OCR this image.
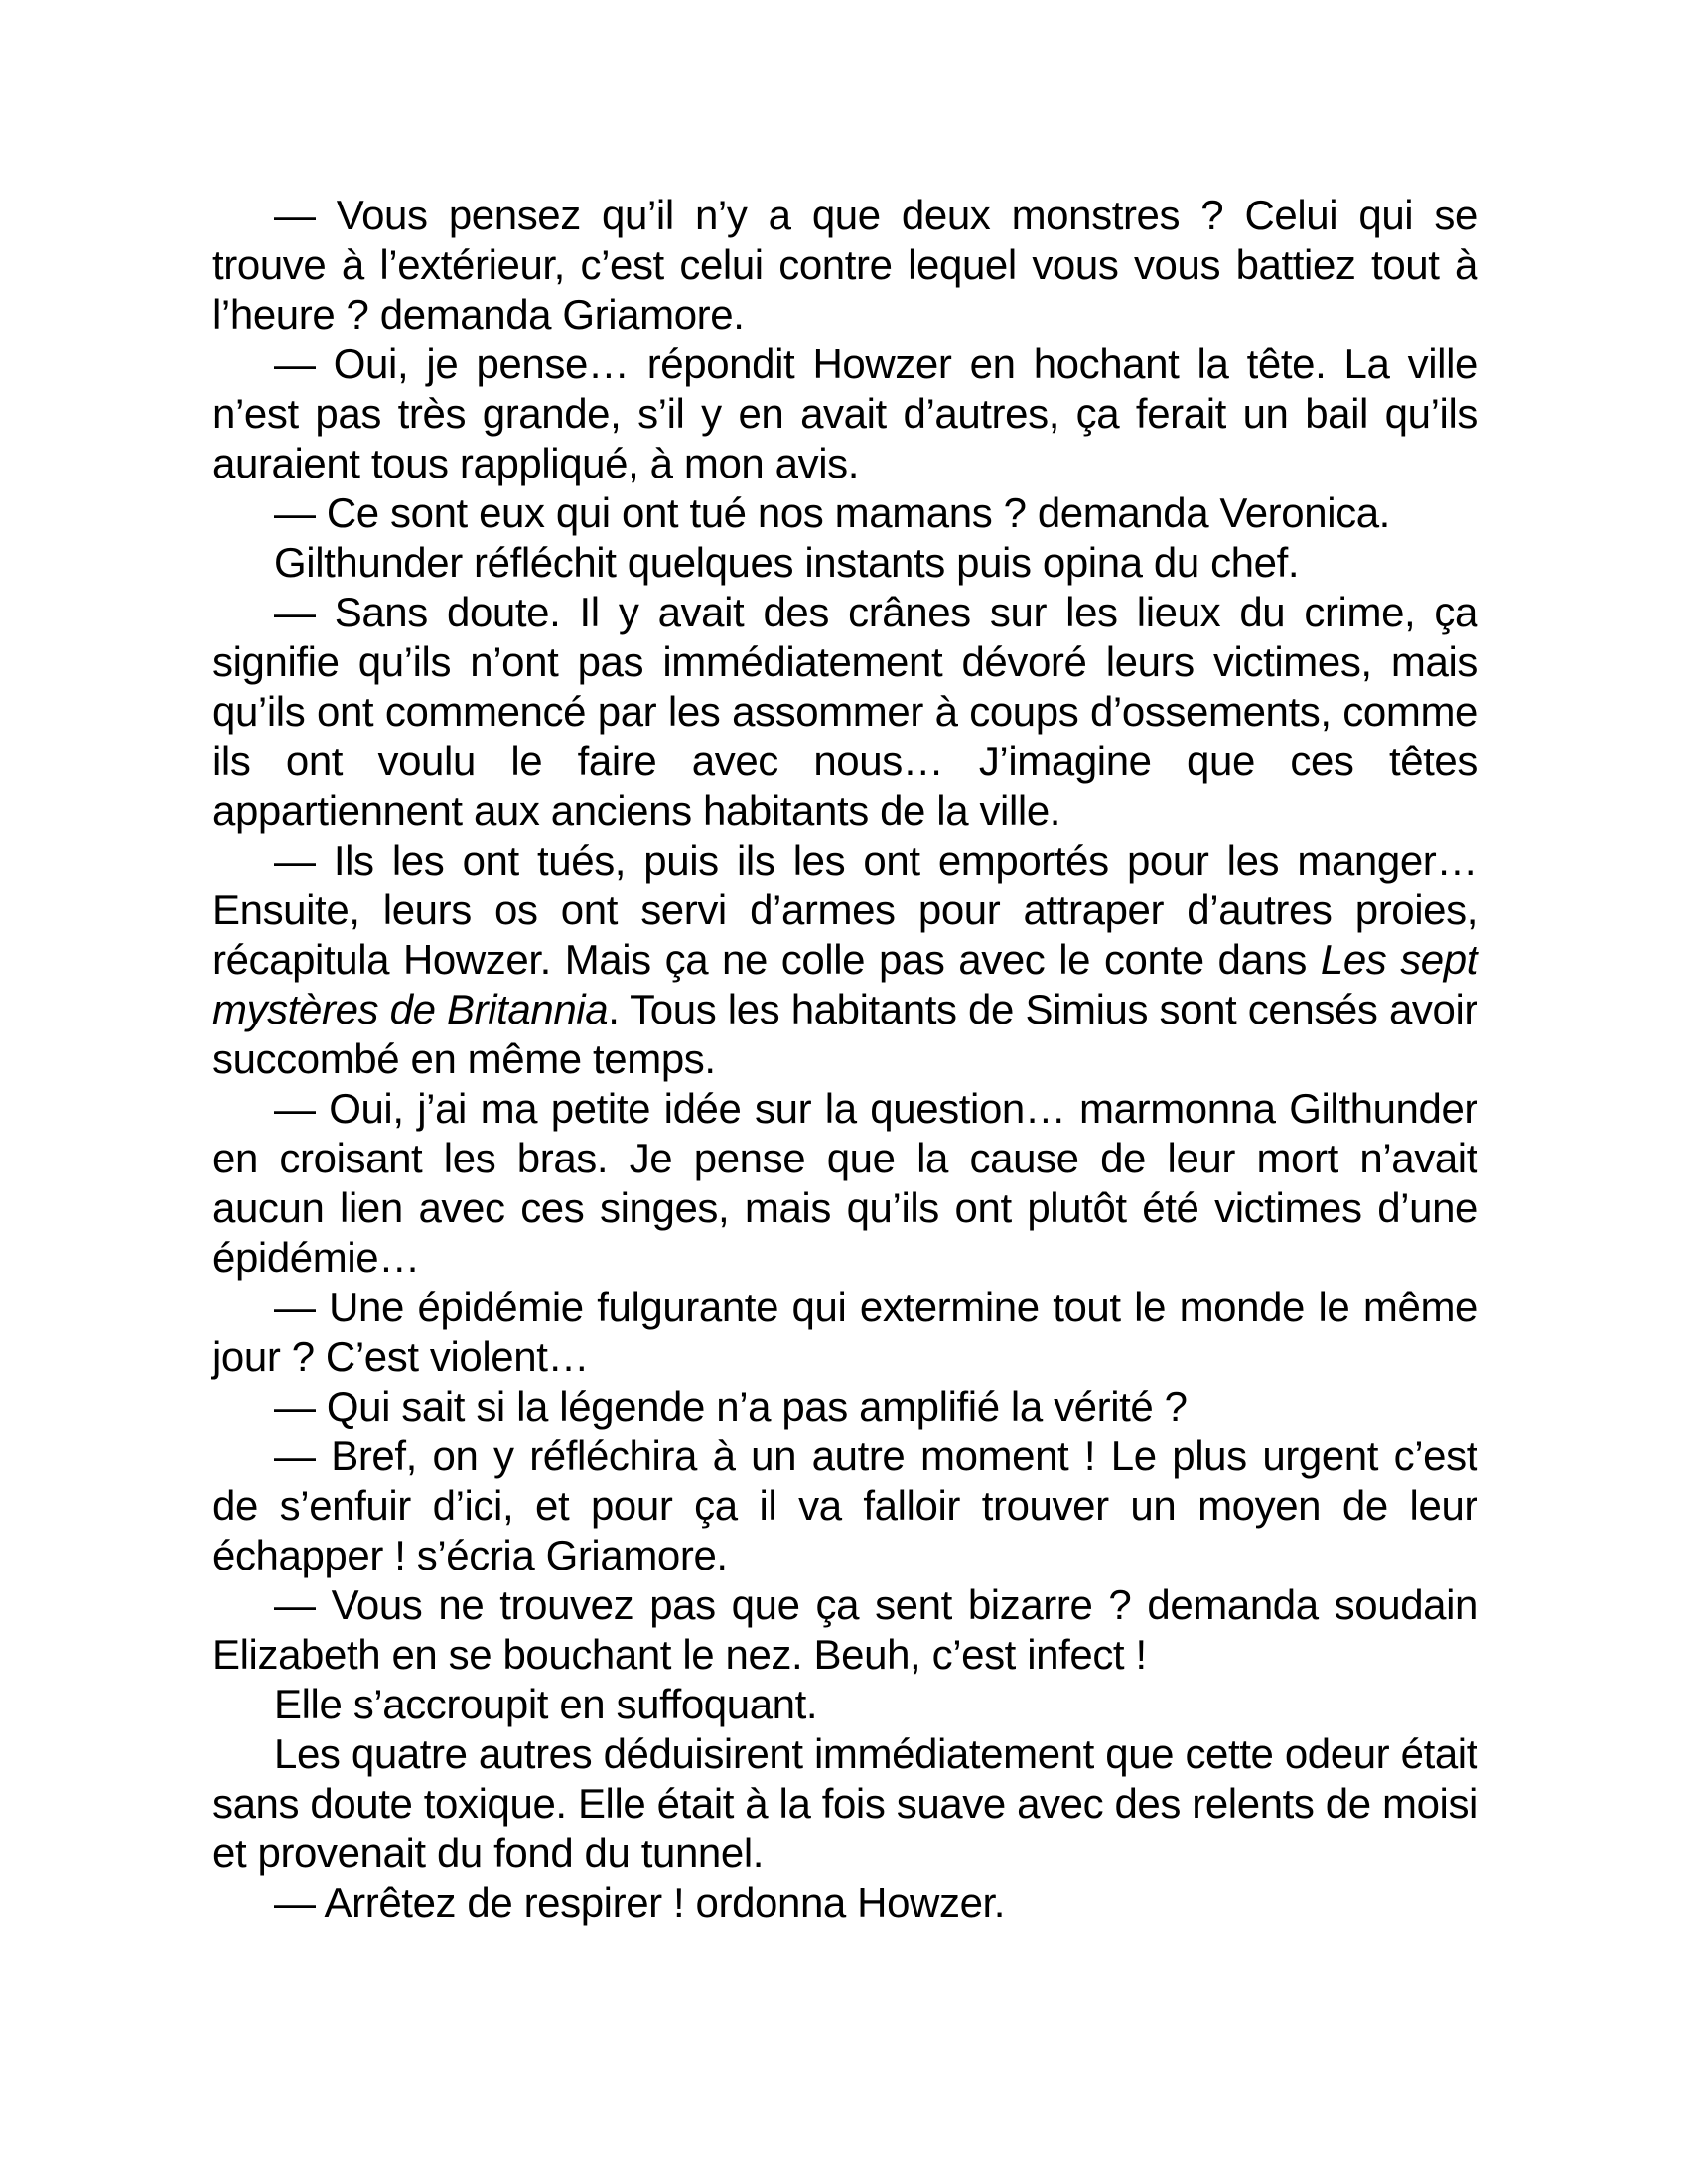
— Vous pensez qu’il n’y a que deux monstres ? Celui qui se trouve à l’extérieur, c’est celui contre lequel vous vous battiez tout à l’heure ? demanda Griamore.

— Oui, je pense… répondit Howzer en hochant la tête. La ville n’est pas très grande, s’il y en avait d’autres, ça ferait un bail qu’ils auraient tous rappliqué, à mon avis.

— Ce sont eux qui ont tué nos mamans ? demanda Veronica.

Gilthunder réfléchit quelques instants puis opina du chef.

— Sans doute. Il y avait des crânes sur les lieux du crime, ça signifie qu’ils n’ont pas immédiatement dévoré leurs victimes, mais qu’ils ont commencé par les assommer à coups d’ossements, comme ils ont voulu le faire avec nous… J’imagine que ces têtes appartiennent aux anciens habitants de la ville.

— Ils les ont tués, puis ils les ont emportés pour les manger… Ensuite, leurs os ont servi d’armes pour attraper d’autres proies, récapitula Howzer. Mais ça ne colle pas avec le conte dans Les sept mystères de Britannia. Tous les habitants de Simius sont censés avoir succombé en même temps.

— Oui, j’ai ma petite idée sur la question… marmonna Gilthunder en croisant les bras. Je pense que la cause de leur mort n’avait aucun lien avec ces singes, mais qu’ils ont plutôt été victimes d’une épidémie…

— Une épidémie fulgurante qui extermine tout le monde le même jour ? C’est violent…

— Qui sait si la légende n’a pas amplifié la vérité ?

— Bref, on y réfléchira à un autre moment ! Le plus urgent c’est de s’enfuir d’ici, et pour ça il va falloir trouver un moyen de leur échapper ! s’écria Griamore.

— Vous ne trouvez pas que ça sent bizarre ? demanda soudain Elizabeth en se bouchant le nez. Beuh, c’est infect !

Elle s’accroupit en suffoquant.

Les quatre autres déduisirent immédiatement que cette odeur était sans doute toxique. Elle était à la fois suave avec des relents de moisi et provenait du fond du tunnel.

— Arrêtez de respirer ! ordonna Howzer.
